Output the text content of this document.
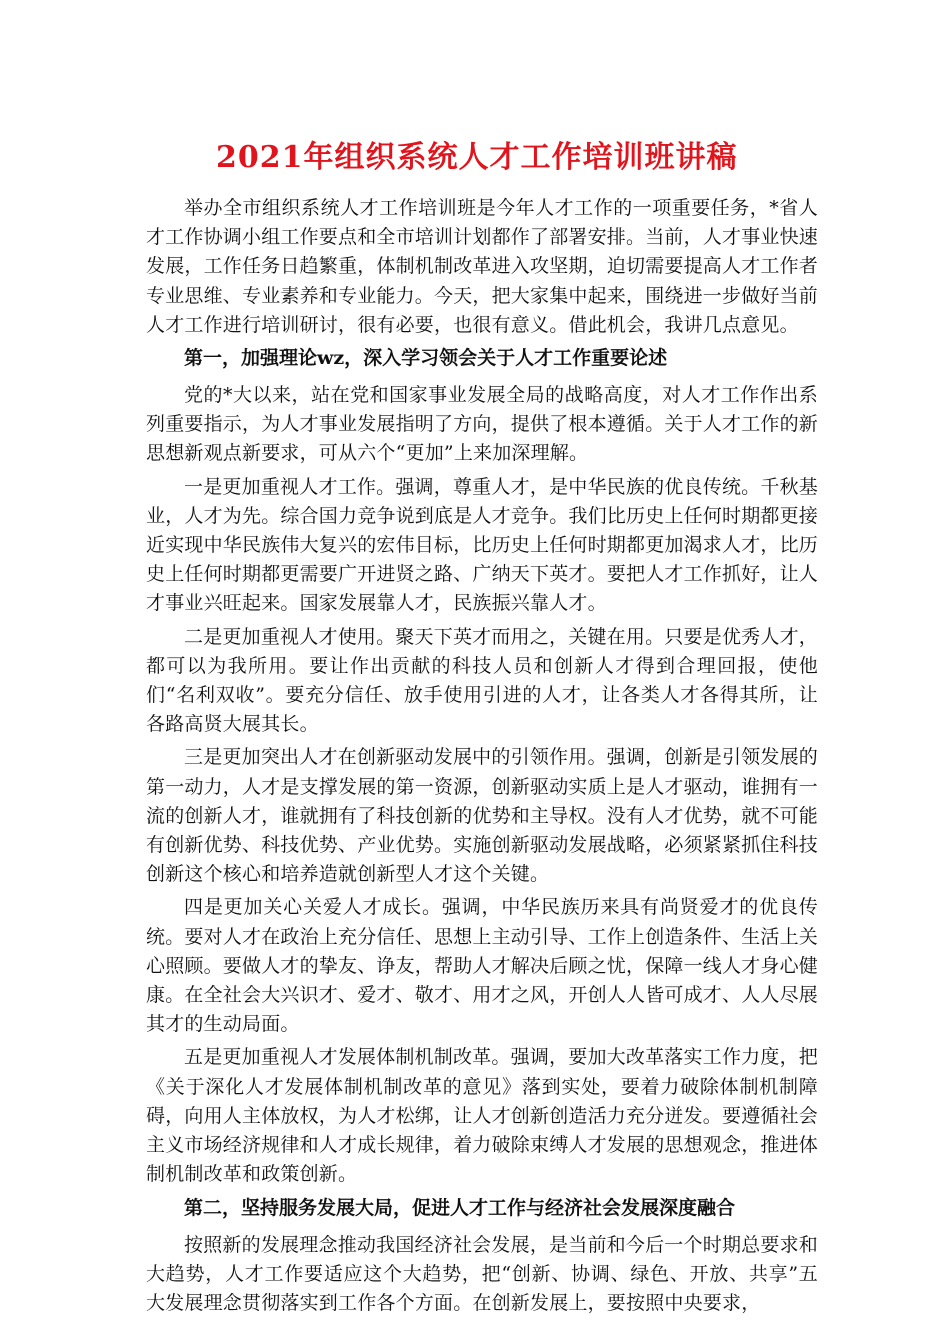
2021年组织系统人才工作培训班讲稿

举办全市组织系统人才工作培训班是今年人才工作的一项重要任务，*省人才工作协调小组工作要点和全市培训计划都作了部署安排。当前，人才事业快速发展，工作任务日趋繁重，体制机制改革进入攻坚期，迫切需要提高人才工作者专业思维、专业素养和专业能力。今天，把大家集中起来，围绕进一步做好当前人才工作进行培训研讨，很有必要，也很有意义。借此机会，我讲几点意见。

第一，加强理论wz，深入学习领会关于人才工作重要论述

党的*大以来，站在党和国家事业发展全局的战略高度，对人才工作作出系列重要指示，为人才事业发展指明了方向，提供了根本遵循。关于人才工作的新思想新观点新要求，可从六个“更加”上来加深理解。

一是更加重视人才工作。强调，尊重人才，是中华民族的优良传统。千秋基业，人才为先。综合国力竞争说到底是人才竞争。我们比历史上任何时期都更接近实现中华民族伟大复兴的宏伟目标，比历史上任何时期都更加渴求人才，比历史上任何时期都更需要广开进贤之路、广纳天下英才。要把人才工作抓好，让人才事业兴旺起来。国家发展靠人才，民族振兴靠人才。

二是更加重视人才使用。聚天下英才而用之，关键在用。只要是优秀人才，都可以为我所用。要让作出贡献的科技人员和创新人才得到合理回报，使他们“名利双收”。要充分信任、放手使用引进的人才，让各类人才各得其所，让各路高贤大展其长。

三是更加突出人才在创新驱动发展中的引领作用。强调，创新是引领发展的第一动力，人才是支撑发展的第一资源，创新驱动实质上是人才驱动，谁拥有一流的创新人才，谁就拥有了科技创新的优势和主导权。没有人才优势，就不可能有创新优势、科技优势、产业优势。实施创新驱动发展战略，必须紧紧抓住科技创新这个核心和培养造就创新型人才这个关键。

四是更加关心关爱人才成长。强调，中华民族历来具有尚贤爱才的优良传统。要对人才在政治上充分信任、思想上主动引导、工作上创造条件、生活上关心照顾。要做人才的挚友、诤友，帮助人才解决后顾之忧，保障一线人才身心健康。在全社会大兴识才、爱才、敬才、用才之风，开创人人皆可成才、人人尽展其才的生动局面。

五是更加重视人才发展体制机制改革。强调，要加大改革落实工作力度，把《关于深化人才发展体制机制改革的意见》落到实处，要着力破除体制机制障碍，向用人主体放权，为人才松绑，让人才创新创造活力充分迸发。要遵循社会主义市场经济规律和人才成长规律，着力破除束缚人才发展的思想观念，推进体制机制改革和政策创新。

第二，坚持服务发展大局，促进人才工作与经济社会发展深度融合

按照新的发展理念推动我国经济社会发展，是当前和今后一个时期总要求和大趋势，人才工作要适应这个大趋势，把“创新、协调、绿色、开放、共享”五大发展理念贯彻落实到工作各个方面。在创新发展上，要按照中央要求，
